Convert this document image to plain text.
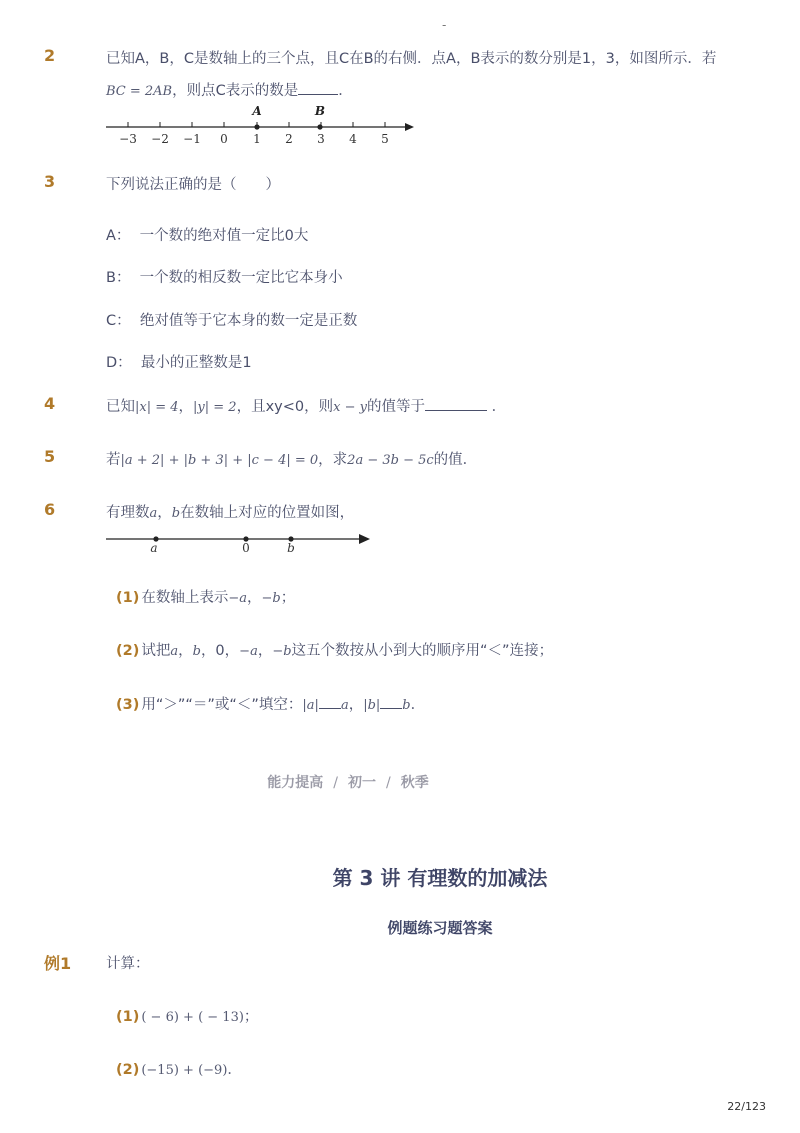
-
2	已知A，B，C是数轴上的三个点，且C在B的右侧．点A，B表示的数分别是1，3，如图所示．若
BC = 2AB，则点C表示的数是	．
−3 −2 −1 0 1 2 3 4 5
A	B
3	下列说法正确的是（　　）
A： 一个数的绝对值一定比0大
B： 一个数的相反数一定比它本身小
C： 绝对值等于它本身的数一定是正数
D： 最小的正整数是1
4	已知|x| = 4，|y| = 2，且xy<0，则x − y的值等于	．
5	若|a + 2| + |b + 3| + |c − 4| = 0，求2a − 3b − 5c的值．
6	有理数a，b在数轴上对应的位置如图，
a	0	b
(1) 在数轴上表示−a，−b；
(2) 试把a，b，0，−a，−b这五个数按从小到大的顺序用“＜”连接；
(3) 用“＞”“＝”或“＜”填空：|a| a，|b| b．
能力提高 / 初一 / 秋季
第 3 讲 有理数的加减法
例题练习题答案
例1 计算：
(1) ( − 6) + ( − 13)；
(2) (−15) + (−9)．
22/123
